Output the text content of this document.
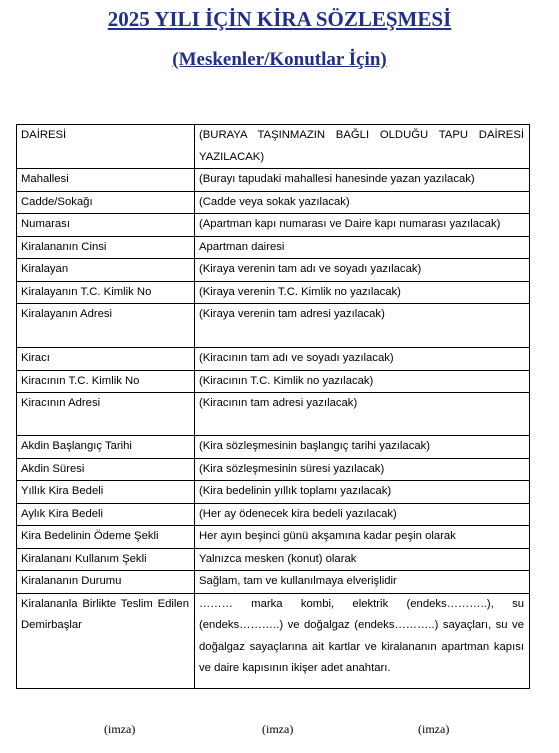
2025 YILI İÇİN KİRA SÖZLEŞMESİ
(Meskenler/Konutlar İçin)
DAİRESİ	(BURAYA TAŞINMAZIN BAĞLI OLDUĞU TAPU DAİRESİ YAZILACAK)
Mahallesi	(Burayı tapudaki mahallesi hanesinde yazan yazılacak)
Cadde/Sokağı	(Cadde veya sokak yazılacak)
Numarası	(Apartman kapı numarası ve Daire kapı numarası yazılacak)
Kiralananın Cinsi	Apartman dairesi
Kiralayan	(Kiraya verenin tam adı ve soyadı yazılacak)
Kiralayanın T.C. Kimlik No	(Kiraya verenin T.C. Kimlik no yazılacak)
Kiralayanın Adresi	(Kiraya verenin tam adresi yazılacak)
Kiracı	(Kiracının tam adı ve soyadı yazılacak)
Kiracının T.C. Kimlik No	(Kiracının T.C. Kimlik no yazılacak)
Kiracının Adresi	(Kiracının tam adresi yazılacak)
Akdin Başlangıç Tarihi	(Kira sözleşmesinin başlangıç tarihi yazılacak)
Akdin Süresi	(Kira sözleşmesinin süresi yazılacak)
Yıllık Kira Bedeli	(Kira bedelinin yıllık toplamı yazılacak)
Aylık Kira Bedeli	(Her ay ödenecek kira bedeli yazılacak)
Kira Bedelinin Ödeme Şekli	Her ayın beşinci günü akşamına kadar peşin olarak
Kiralananı Kullanım Şekli	Yalnızca mesken (konut) olarak
Kiralananın Durumu	Sağlam, tam ve kullanılmaya elverişlidir

Kiralananla Birlikte Teslim Edilen Demirbaşlar	……… marka kombi, elektrik (endeks………..), su (endeks………..) ve doğalgaz (endeks………..) sayaçları, su ve doğalgaz sayaçlarına ait kartlar ve kiralananın apartman kapısı ve daire kapısının ikişer adet anahtarı.
(imza)	(imza)	(imza)
